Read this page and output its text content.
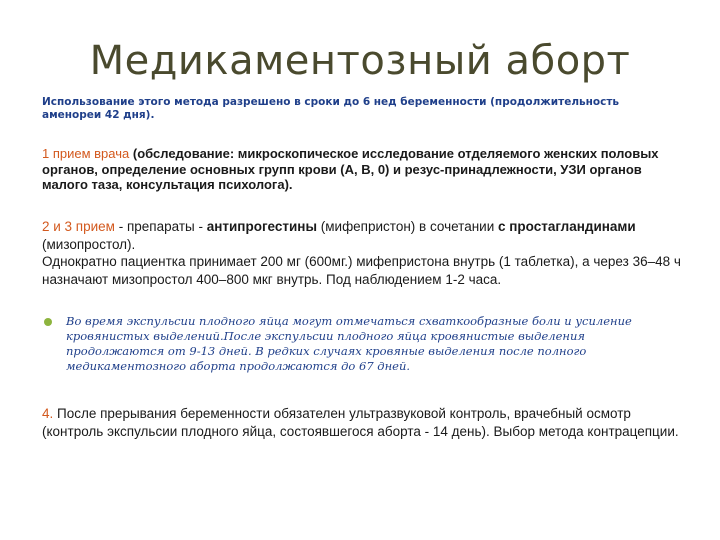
Медикаментозный аборт
Использование этого метода разрешено в сроки до 6 нед беременности (продолжительность аменореи 42 дня).
1 прием врача (обследование: микроскопическое исследование отделяемого женских половых органов, определение основных групп крови (А, В, 0) и резус-принадлежности, УЗИ органов малого таза, консультация психолога).
2 и 3 прием - препараты - антипрогестины (мифепристон) в сочетании с простагландинами (мизопростол).
Однократно пациентка принимает 200 мг (600мг.) мифепристона внутрь (1 таблетка), а через 36–48 ч назначают мизопростол 400–800 мкг внутрь. Под наблюдением 1-2 часа.
Во время экспульсии плодного яйца могут отмечаться схваткообразные боли и усиление кровянистых выделений.После экспульсии плодного яйца кровянистые выделения продолжаются от 9-13 дней. В редких случаях кровяные выделения после полного медикаментозного аборта продолжаются до 67 дней.
4. После прерывания беременности обязателен ультразвуковой контроль, врачебный осмотр (контроль экспульсии плодного яйца, состоявшегося аборта - 14 день). Выбор метода контрацепции.
